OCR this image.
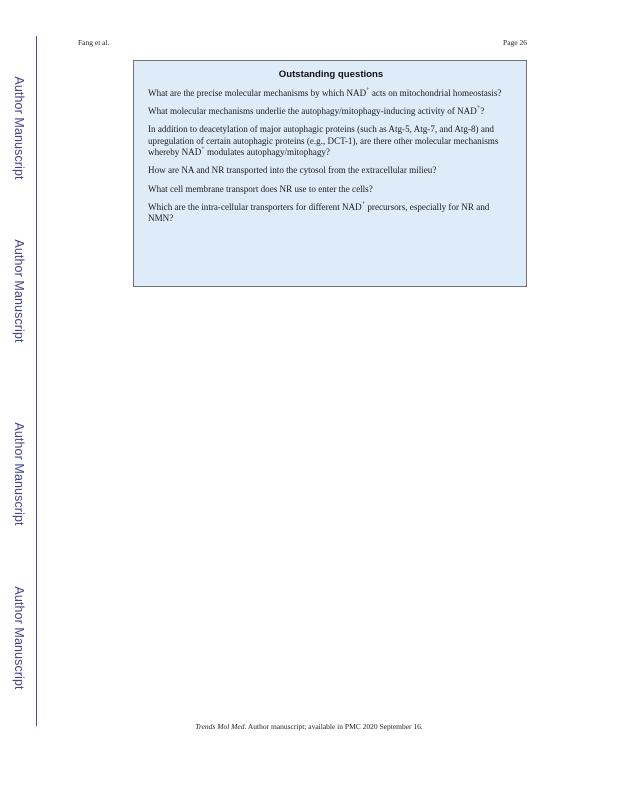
Author Manuscript
Author Manuscript
Author Manuscript
Author Manuscript
Fang et al.	Page 26
Outstanding questions

What are the precise molecular mechanisms by which NAD+ acts on mitochondrial homeostasis?

What molecular mechanisms underlie the autophagy/mitophagy-inducing activity of NAD+?

In addition to deacetylation of major autophagic proteins (such as Atg-5, Atg-7, and Atg-8) and upregulation of certain autophagic proteins (e.g., DCT-1), are there other molecular mechanisms whereby NAD+ modulates autophagy/mitophagy?

How are NA and NR transported into the cytosol from the extracellular milieu?

What cell membrane transport does NR use to enter the cells?

Which are the intra-cellular transporters for different NAD+ precursors, especially for NR and NMN?

Trends Mol Med. Author manuscript; available in PMC 2020 September 16.
